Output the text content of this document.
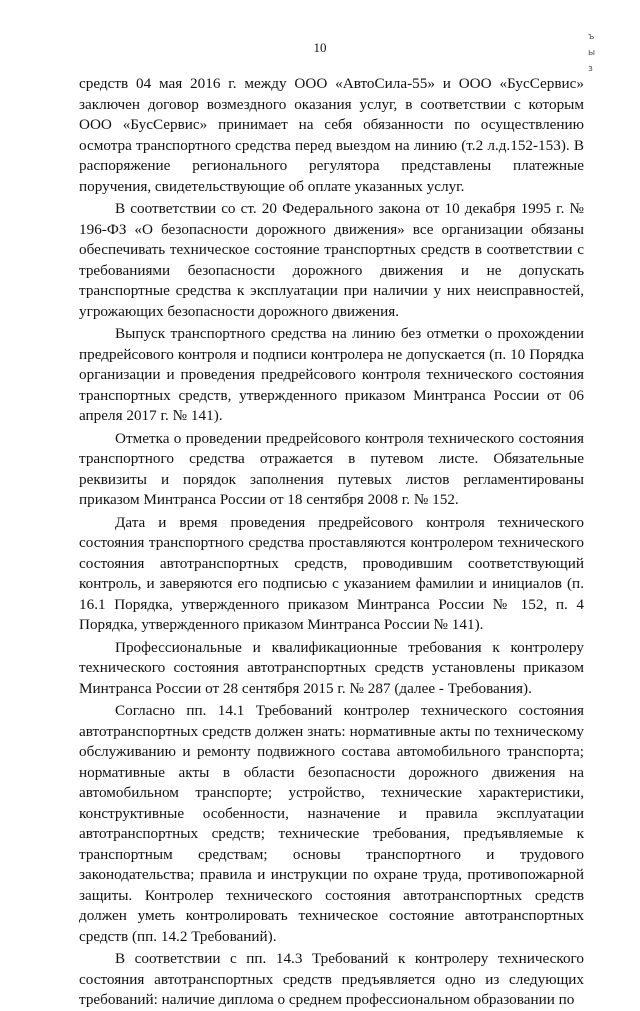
10
ъ
ы
з

средств 04 мая 2016 г. между ООО «АвтоСила-55» и ООО «БусСервис» заключен договор возмездного оказания услуг, в соответствии с которым ООО «БусСервис» принимает на себя обязанности по осуществлению осмотра транспортного средства перед выездом на линию (т.2 л.д.152-153). В распоряжение регионального регулятора представлены платежные поручения, свидетельствующие об оплате указанных услуг.

В соответствии со ст. 20 Федерального закона от 10 декабря 1995 г. № 196-ФЗ «О безопасности дорожного движения» все организации обязаны обеспечивать техническое состояние транспортных средств в соответствии с требованиями безопасности дорожного движения и не допускать транспортные средства к эксплуатации при наличии у них неисправностей, угрожающих безопасности дорожного движения.

Выпуск транспортного средства на линию без отметки о прохождении предрейсового контроля и подписи контролера не допускается (п. 10 Порядка организации и проведения предрейсового контроля технического состояния транспортных средств, утвержденного приказом Минтранса России от 06 апреля 2017 г. № 141).

Отметка о проведении предрейсового контроля технического состояния транспортного средства отражается в путевом листе. Обязательные реквизиты и порядок заполнения путевых листов регламентированы приказом Минтранса России от 18 сентября 2008 г. № 152.

Дата и время проведения предрейсового контроля технического состояния транспортного средства проставляются контролером технического состояния автотранспортных средств, проводившим соответствующий контроль, и заверяются его подписью с указанием фамилии и инициалов (п. 16.1 Порядка, утвержденного приказом Минтранса России № 152, п. 4 Порядка, утвержденного приказом Минтранса России № 141).

Профессиональные и квалификационные требования к контролеру технического состояния автотранспортных средств установлены приказом Минтранса России от 28 сентября 2015 г. № 287 (далее - Требования).

Согласно пп. 14.1 Требований контролер технического состояния автотранспортных средств должен знать: нормативные акты по техническому обслуживанию и ремонту подвижного состава автомобильного транспорта; нормативные акты в области безопасности дорожного движения на автомобильном транспорте; устройство, технические характеристики, конструктивные особенности, назначение и правила эксплуатации автотранспортных средств; технические требования, предъявляемые к транспортным средствам; основы транспортного и трудового законодательства; правила и инструкции по охране труда, противопожарной защиты. Контролер технического состояния автотранспортных средств должен уметь контролировать техническое состояние автотранспортных средств (пп. 14.2 Требований).

В соответствии с пп. 14.3 Требований к контролеру технического состояния автотранспортных средств предъявляется одно из следующих требований: наличие диплома о среднем профессиональном образовании по
